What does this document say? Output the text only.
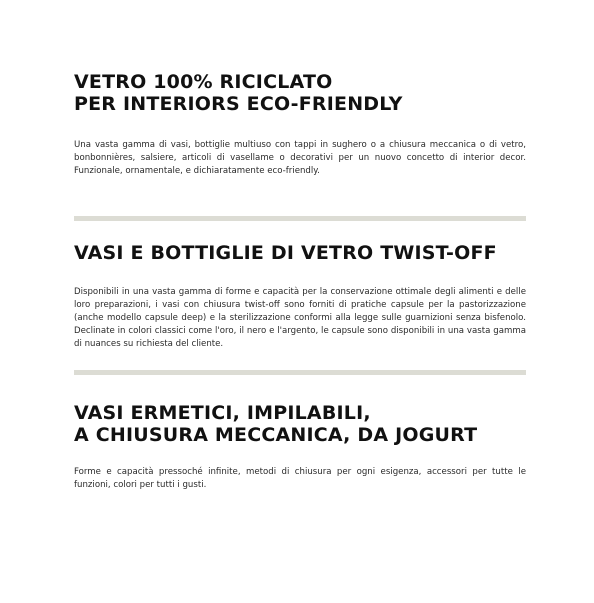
VETRO 100% RICICLATO
PER INTERIORS ECO-FRIENDLY

Una vasta gamma di vasi, bottiglie multiuso con tappi in sughero o a chiusura meccanica o di vetro, bonbonnières, salsiere, articoli di vasellame o decorativi per un nuovo concetto di interior decor. Funzionale, ornamentale, e dichiaratamente eco-friendly.

VASI E BOTTIGLIE DI VETRO TWIST-OFF

Disponibili in una vasta gamma di forme e capacità per la conservazione ottimale degli alimenti e delle loro preparazioni, i vasi con chiusura twist-off sono forniti di pratiche capsule per la pastorizzazione (anche modello capsule deep) e la sterilizzazione conformi alla legge sulle guarnizioni senza bisfenolo. Declinate in colori classici come l'oro, il nero e l'argento, le capsule sono disponibili in una vasta gamma di nuances su richiesta del cliente.

VASI ERMETICI, IMPILABILI,
A CHIUSURA MECCANICA, DA JOGURT

Forme e capacità pressoché infinite, metodi di chiusura per ogni esigenza, accessori per tutte le funzioni, colori per tutti i gusti.
